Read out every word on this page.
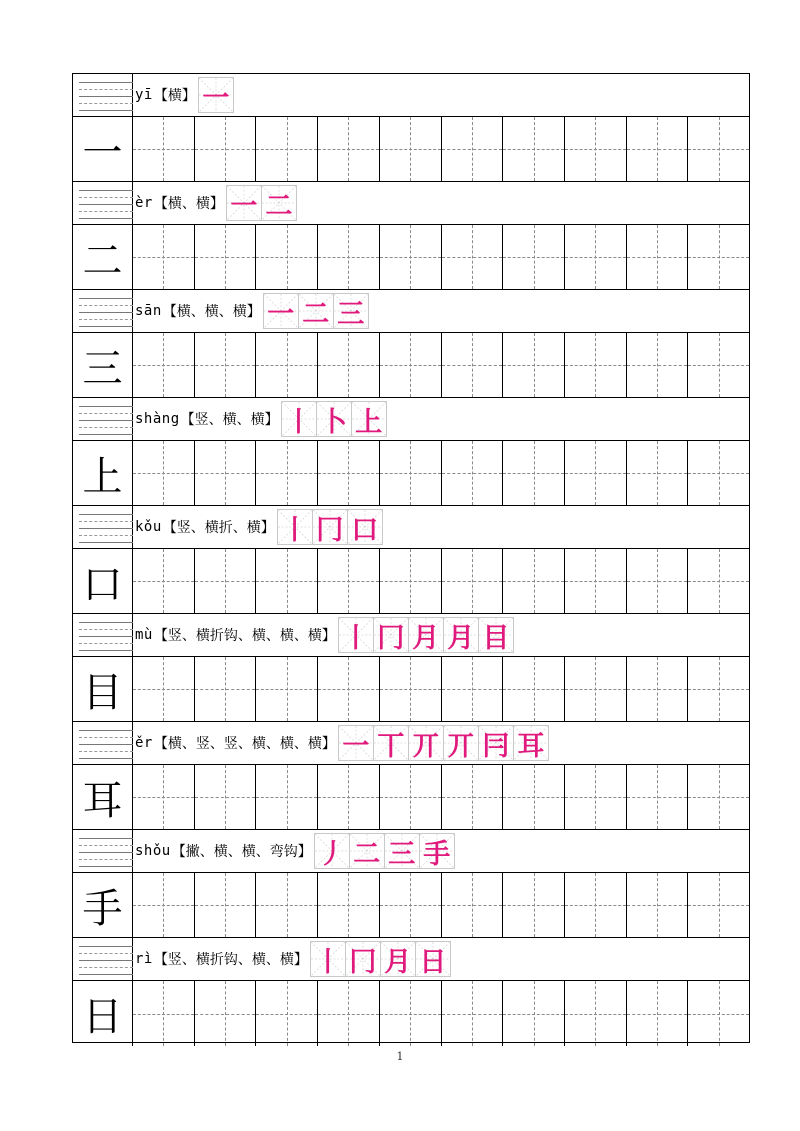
yī 【横】 一
一
èr 【横、横】 一 二
二
sān 【横、横、横】 一 二 三
三
shàng 【竖、横、横】 丨 卜 上
上
kǒu 【竖、横折、横】 丨 冂 口
口
mù 【竖、横折钩、横、横、横】 丨 冂 月 月 目
目
ěr 【横、竖、竖、横、横、横】 一 丅 丌 丌 冃 耳
耳
shǒu 【撇、横、横、弯钩】 丿 二 三 手
手
rì 【竖、横折钩、横、横】 丨 冂 月 日
日
1
